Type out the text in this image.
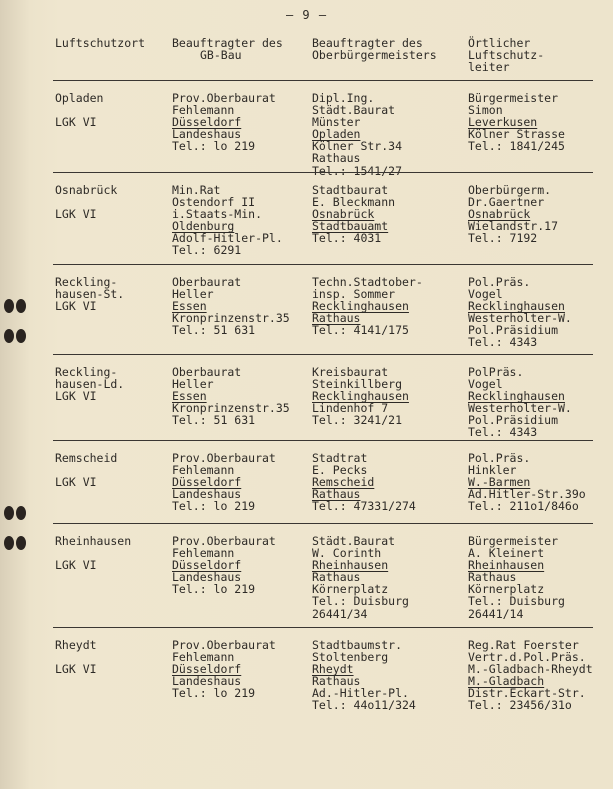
– 9 –
Luftschutzort Beauftragter des
GB-Bau
Beauftragter des
Oberbürgermeisters
Örtlicher
Luftschutz-
leiter
Opladen
LGK VI
Prov.Oberbaurat
Fehlemann
Düsseldorf
Landeshaus
Tel.: lo 219
Dipl.Ing.
Städt.Baurat
Münster
Opladen
Kölner Str.34
Rathaus
Tel.: 1541/27
Bürgermeister
Simon
Leverkusen
Kölner Strasse
Tel.: 1841/245
Osnabrück
LGK VI
Min.Rat
Ostendorf II
i.Staats-Min.
Oldenburg
Adolf-Hitler-Pl.
Tel.: 6291
Stadtbaurat
E. Bleckmann
Osnabrück
Stadtbauamt
Tel.: 4031
Oberbürgerm.
Dr.Gaertner
Osnabrück
Wielandstr.17
Tel.: 7192
Reckling-
hausen-St.
LGK VI
Oberbaurat
Heller
Essen
Kronprinzenstr.35
Tel.: 51 631
Techn.Stadtober-
insp. Sommer
Recklinghausen
Rathaus
Tel.: 4141/175
Pol.Präs.
Vogel
Recklinghausen
Westerholter-W.
Pol.Präsidium
Tel.: 4343
Reckling-
hausen-Ld.
LGK VI
Oberbaurat
Heller
Essen
Kronprinzenstr.35
Tel.: 51 631
Kreisbaurat
Steinkillberg
Recklinghausen
Lindenhof 7
Tel.: 3241/21
PolPräs.
Vogel
Recklinghausen
Westerholter-W.
Pol.Präsidium
Tel.: 4343
Remscheid
LGK VI
Prov.Oberbaurat
Fehlemann
Düsseldorf
Landeshaus
Tel.: lo 219
Stadtrat
E. Pecks
Remscheid
Rathaus
Tel.: 47331/274
Pol.Präs.
Hinkler
W.-Barmen
Ad.Hitler-Str.39o
Tel.: 211o1/846o
Rheinhausen
LGK VI
Prov.Oberbaurat
Fehlemann
Düsseldorf
Landeshaus
Tel.: lo 219
Städt.Baurat
W. Corinth
Rheinhausen
Rathaus
Körnerplatz
Tel.: Duisburg
26441/34
Bürgermeister
A. Kleinert
Rheinhausen
Rathaus
Körnerplatz
Tel.: Duisburg
26441/14
Rheydt
LGK VI
Prov.Oberbaurat
Fehlemann
Düsseldorf
Landeshaus
Tel.: lo 219
Stadtbaumstr.
Stoltenberg
Rheydt
Rathaus
Ad.-Hitler-Pl.
Tel.: 44o11/324
Reg.Rat Foerster
Vertr.d.Pol.Präs.
M.-Gladbach-Rheydt
M.-Gladbach
Distr.Eckart-Str.
Tel.: 23456/31o
